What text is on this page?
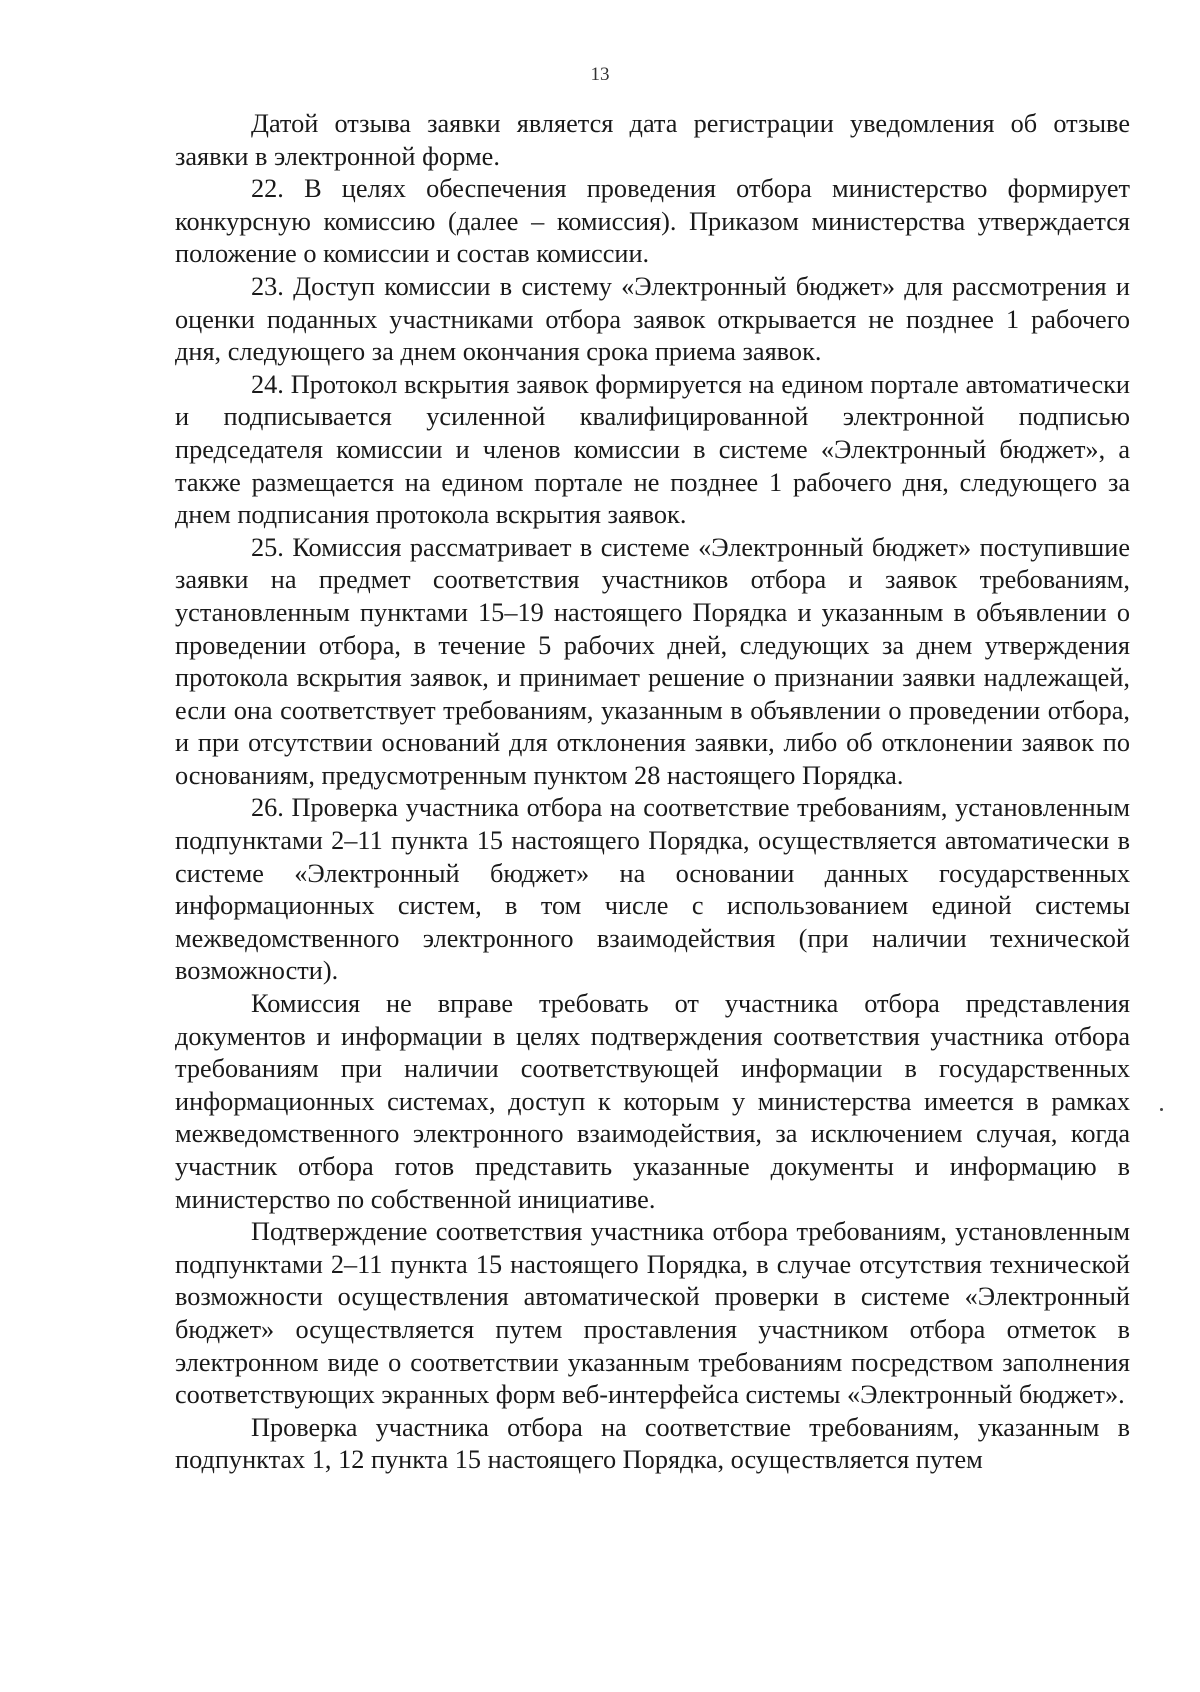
13

Датой отзыва заявки является дата регистрации уведомления об отзыве заявки в электронной форме.

22. В целях обеспечения проведения отбора министерство формирует конкурсную комиссию (далее – комиссия). Приказом министерства утверждается положение о комиссии и состав комиссии.

23. Доступ комиссии в систему «Электронный бюджет» для рассмотрения и оценки поданных участниками отбора заявок открывается не позднее 1 рабочего дня, следующего за днем окончания срока приема заявок.

24. Протокол вскрытия заявок формируется на едином портале автоматически и подписывается усиленной квалифицированной электронной подписью председателя комиссии и членов комиссии в системе «Электронный бюджет», а также размещается на едином портале не позднее 1 рабочего дня, следующего за днем подписания протокола вскрытия заявок.

25. Комиссия рассматривает в системе «Электронный бюджет» поступившие заявки на предмет соответствия участников отбора и заявок требованиям, установленным пунктами 15–19 настоящего Порядка и указанным в объявлении о проведении отбора, в течение 5 рабочих дней, следующих за днем утверждения протокола вскрытия заявок, и принимает решение о признании заявки надлежащей, если она соответствует требованиям, указанным в объявлении о проведении отбора, и при отсутствии оснований для отклонения заявки, либо об отклонении заявок по основаниям, предусмотренным пунктом 28 настоящего Порядка.

26. Проверка участника отбора на соответствие требованиям, установленным подпунктами 2–11 пункта 15 настоящего Порядка, осуществляется автоматически в системе «Электронный бюджет» на основании данных государственных информационных систем, в том числе с использованием единой системы межведомственного электронного взаимодействия (при наличии технической возможности).

Комиссия не вправе требовать от участника отбора представления документов и информации в целях подтверждения соответствия участника отбора требованиям при наличии соответствующей информации в государственных информационных системах, доступ к которым у министерства имеется в рамках межведомственного электронного взаимодействия, за исключением случая, когда участник отбора готов представить указанные документы и информацию в министерство по собственной инициативе.

Подтверждение соответствия участника отбора требованиям, установленным подпунктами 2–11 пункта 15 настоящего Порядка, в случае отсутствия технической возможности осуществления автоматической проверки в системе «Электронный бюджет» осуществляется путем проставления участником отбора отметок в электронном виде о соответствии указанным требованиям посредством заполнения соответствующих экранных форм веб-интерфейса системы «Электронный бюджет».

Проверка участника отбора на соответствие требованиям, указанным в подпунктах 1, 12 пункта 15 настоящего Порядка, осуществляется путем
